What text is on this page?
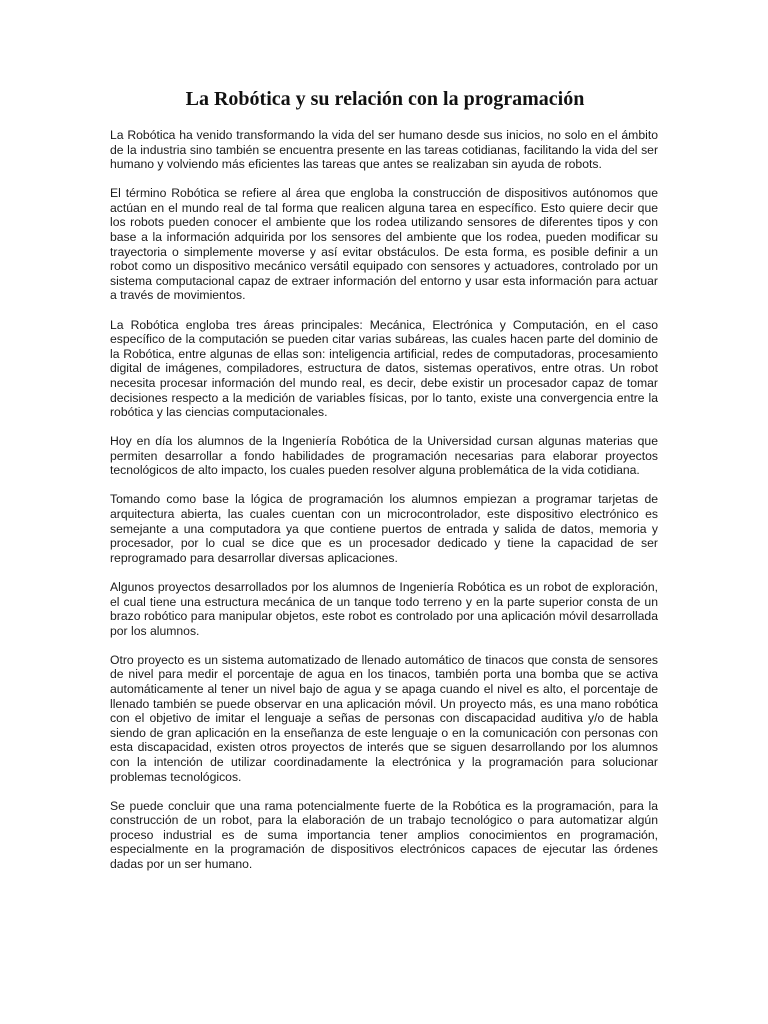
La Robótica y su relación con la programación

La Robótica ha venido transformando la vida del ser humano desde sus inicios, no solo en el ámbito de la industria sino también se encuentra presente en las tareas cotidianas, facilitando la vida del ser humano y volviendo más eficientes las tareas que antes se realizaban sin ayuda de robots.

El término Robótica se refiere al área que engloba la construcción de dispositivos autónomos que actúan en el mundo real de tal forma que realicen alguna tarea en específico. Esto quiere decir que los robots pueden conocer el ambiente que los rodea utilizando sensores de diferentes tipos y con base a la información adquirida por los sensores del ambiente que los rodea, pueden modificar su trayectoria o simplemente moverse y así evitar obstáculos. De esta forma, es posible definir a un robot como un dispositivo mecánico versátil equipado con sensores y actuadores, controlado por un sistema computacional capaz de extraer información del entorno y usar esta información para actuar a través de movimientos.

La Robótica engloba tres áreas principales: Mecánica, Electrónica y Computación, en el caso específico de la computación se pueden citar varias subáreas, las cuales hacen parte del dominio de la Robótica, entre algunas de ellas son: inteligencia artificial, redes de computadoras, procesamiento digital de imágenes, compiladores, estructura de datos, sistemas operativos, entre otras. Un robot necesita procesar información del mundo real, es decir, debe existir un procesador capaz de tomar decisiones respecto a la medición de variables físicas, por lo tanto, existe una convergencia entre la robótica y las ciencias computacionales.

Hoy en día los alumnos de la Ingeniería Robótica de la Universidad cursan algunas materias que permiten desarrollar a fondo habilidades de programación necesarias para elaborar proyectos tecnológicos de alto impacto, los cuales pueden resolver alguna problemática de la vida cotidiana.

Tomando como base la lógica de programación los alumnos empiezan a programar tarjetas de arquitectura abierta, las cuales cuentan con un microcontrolador, este dispositivo electrónico es semejante a una computadora ya que contiene puertos de entrada y salida de datos, memoria y procesador, por lo cual se dice que es un procesador dedicado y tiene la capacidad de ser reprogramado para desarrollar diversas aplicaciones.

Algunos proyectos desarrollados por los alumnos de Ingeniería Robótica es un robot de exploración, el cual tiene una estructura mecánica de un tanque todo terreno y en la parte superior consta de un brazo robótico para manipular objetos, este robot es controlado por una aplicación móvil desarrollada por los alumnos.

Otro proyecto es un sistema automatizado de llenado automático de tinacos que consta de sensores de nivel para medir el porcentaje de agua en los tinacos, también porta una bomba que se activa automáticamente al tener un nivel bajo de agua y se apaga cuando el nivel es alto, el porcentaje de llenado también se puede observar en una aplicación móvil. Un proyecto más, es una mano robótica con el objetivo de imitar el lenguaje a señas de personas con discapacidad auditiva y/o de habla siendo de gran aplicación en la enseñanza de este lenguaje o en la comunicación con personas con esta discapacidad, existen otros proyectos de interés que se siguen desarrollando por los alumnos con la intención de utilizar coordinadamente la electrónica y la programación para solucionar problemas tecnológicos.

Se puede concluir que una rama potencialmente fuerte de la Robótica es la programación, para la construcción de un robot, para la elaboración de un trabajo tecnológico o para automatizar algún proceso industrial es de suma importancia tener amplios conocimientos en programación, especialmente en la programación de dispositivos electrónicos capaces de ejecutar las órdenes dadas por un ser humano.
